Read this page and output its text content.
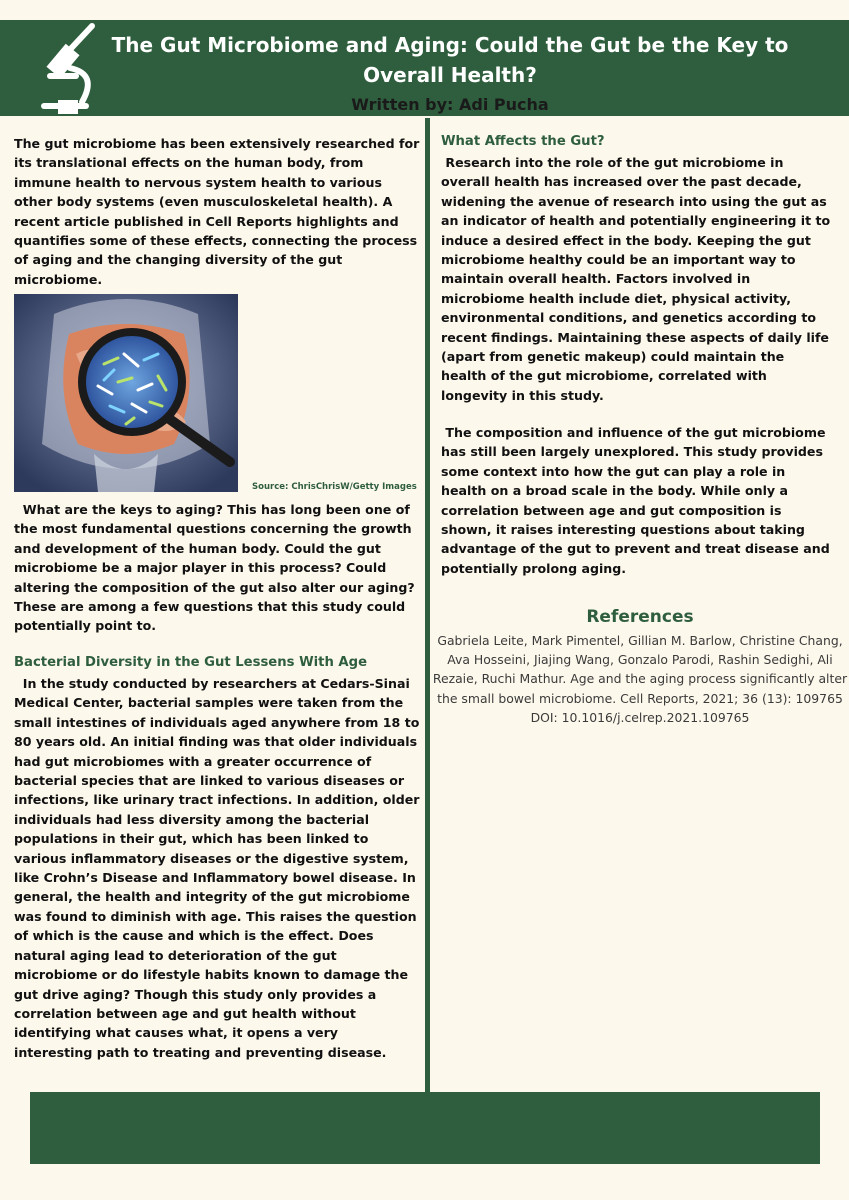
The Gut Microbiome and Aging: Could the Gut be the Key to Overall Health?
Written by: Adi Pucha

The gut microbiome has been extensively researched for its translational effects on the human body, from immune health to nervous system health to various other body systems (even musculoskeletal health). A recent article published in Cell Reports highlights and quantifies some of these effects, connecting the process of aging and the changing diversity of the gut microbiome.

Source: ChrisChrisW/Getty Images

What are the keys to aging? This has long been one of the most fundamental questions concerning the growth and development of the human body. Could the gut microbiome be a major player in this process? Could altering the composition of the gut also alter our aging? These are among a few questions that this study could potentially point to.

Bacterial Diversity in the Gut Lessens With Age

In the study conducted by researchers at Cedars-Sinai Medical Center, bacterial samples were taken from the small intestines of individuals aged anywhere from 18 to 80 years old. An initial finding was that older individuals had gut microbiomes with a greater occurrence of bacterial species that are linked to various diseases or infections, like urinary tract infections. In addition, older individuals had less diversity among the bacterial populations in their gut, which has been linked to various inflammatory diseases or the digestive system, like Crohn’s Disease and Inflammatory bowel disease. In general, the health and integrity of the gut microbiome was found to diminish with age. This raises the question of which is the cause and which is the effect. Does natural aging lead to deterioration of the gut microbiome or do lifestyle habits known to damage the gut drive aging? Though this study only provides a correlation between age and gut health without identifying what causes what, it opens a very interesting path to treating and preventing disease.

What Affects the Gut?

Research into the role of the gut microbiome in overall health has increased over the past decade, widening the avenue of research into using the gut as an indicator of health and potentially engineering it to induce a desired effect in the body. Keeping the gut microbiome healthy could be an important way to maintain overall health. Factors involved in microbiome health include diet, physical activity, environmental conditions, and genetics according to recent findings. Maintaining these aspects of daily life (apart from genetic makeup) could maintain the health of the gut microbiome, correlated with longevity in this study.

The composition and influence of the gut microbiome has still been largely unexplored. This study provides some context into how the gut can play a role in health on a broad scale in the body. While only a correlation between age and gut composition is shown, it raises interesting questions about taking advantage of the gut to prevent and treat disease and potentially prolong aging.

References
Gabriela Leite, Mark Pimentel, Gillian M. Barlow, Christine Chang, Ava Hosseini, Jiajing Wang, Gonzalo Parodi, Rashin Sedighi, Ali Rezaie, Ruchi Mathur. Age and the aging process significantly alter the small bowel microbiome. Cell Reports, 2021; 36 (13): 109765 DOI: 10.1016/j.celrep.2021.109765
